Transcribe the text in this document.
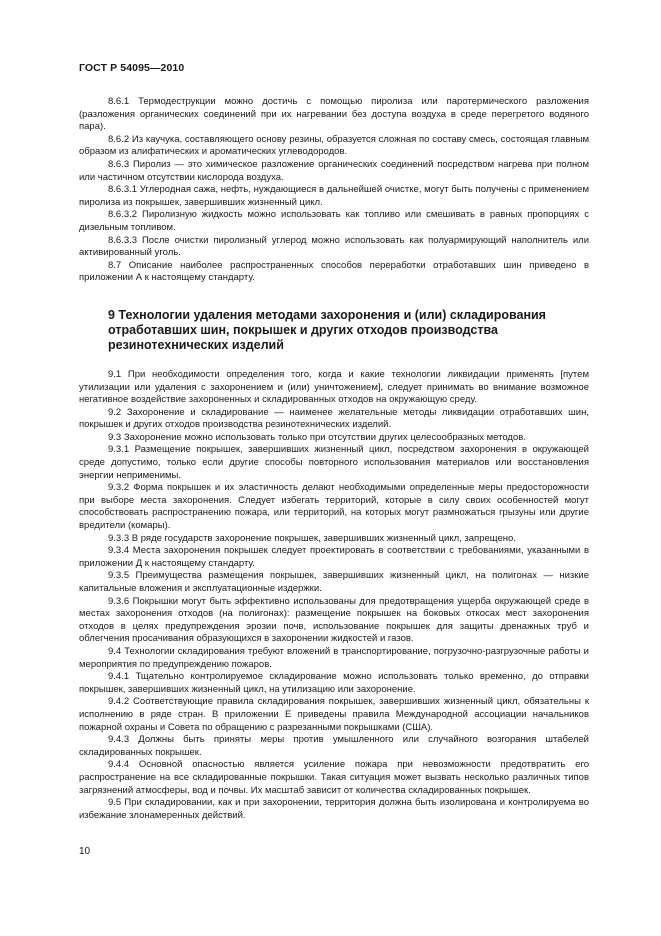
ГОСТ Р 54095—2010

8.6.1 Термодеструкции можно достичь с помощью пиролиза или паротермического разложения (разложения органических соединений при их нагревании без доступа воздуха в среде перегретого водяного пара).

8.6.2 Из каучука, составляющего основу резины, образуется сложная по составу смесь, состоящая главным образом из алифатических и ароматических углеводородов.

8.6.3 Пиролиз — это химическое разложение органических соединений посредством нагрева при полном или частичном отсутствии кислорода воздуха.

8.6.3.1 Углеродная сажа, нефть, нуждающиеся в дальнейшей очистке, могут быть получены с применением пиролиза из покрышек, завершивших жизненный цикл.

8.6.3.2 Пиролизную жидкость можно использовать как топливо или смешивать в равных пропорциях с дизельным топливом.

8.6.3.3 После очистки пиролизный углерод можно использовать как полуармирующий наполнитель или активированный уголь.

8.7 Описание наиболее распространенных способов переработки отработавших шин приведено в приложении А к настоящему стандарту.

9 Технологии удаления методами захоронения и (или) складирования отработавших шин, покрышек и других отходов производства резинотехнических изделий

9.1 При необходимости определения того, когда и какие технологии ликвидации применять [путем утилизации или удаления с захоронением и (или) уничтожением], следует принимать во внимание возможное негативное воздействие захороненных и складированных отходов на окружающую среду.

9.2 Захоронение и складирование — наименее желательные методы ликвидации отработавших шин, покрышек и других отходов производства резинотехнических изделий.

9.3 Захоронение можно использовать только при отсутствии других целесообразных методов.

9.3.1 Размещение покрышек, завершивших жизненный цикл, посредством захоронения в окружающей среде допустимо, только если другие способы повторного использования материалов или восстановления энергии неприменимы.

9.3.2 Форма покрышек и их эластичность делают необходимыми определенные меры предосторожности при выборе места захоронения. Следует избегать территорий, которые в силу своих особенностей могут способствовать распространению пожара, или территорий, на которых могут размножаться грызуны или другие вредители (комары).

9.3.3 В ряде государств захоронение покрышек, завершивших жизненный цикл, запрещено.

9.3.4 Места захоронения покрышек следует проектировать в соответствии с требованиями, указанными в приложении Д к настоящему стандарту.

9.3.5 Преимущества размещения покрышек, завершивших жизненный цикл, на полигонах — низкие капитальные вложения и эксплуатационные издержки.

9.3.6 Покрышки могут быть эффективно использованы для предотвращения ущерба окружающей среде в местах захоронения отходов (на полигонах): размещение покрышек на боковых откосах мест захоронения отходов в целях предупреждения эрозии почв, использование покрышек для защиты дренажных труб и облегчения просачивания образующихся в захоронении жидкостей и газов.

9.4 Технологии складирования требуют вложений в транспортирование, погрузочно-разгрузочные работы и мероприятия по предупреждению пожаров.

9.4.1 Тщательно контролируемое складирование можно использовать только временно, до отправки покрышек, завершивших жизненный цикл, на утилизацию или захоронение.

9.4.2 Соответствующие правила складирования покрышек, завершивших жизненный цикл, обязательны к исполнению в ряде стран. В приложении Е приведены правила Международной ассоциации начальников пожарной охраны и Совета по обращению с разрезанными покрышками (США).

9.4.3 Должны быть приняты меры против умышленного или случайного возгорания штабелей складированных покрышек.

9.4.4 Основной опасностью является усиление пожара при невозможности предотвратить его распространение на все складированные покрышки. Такая ситуация может вызвать несколько различных типов загрязнений атмосферы, вод и почвы. Их масштаб зависит от количества складированных покрышек.

9.5 При складировании, как и при захоронении, территория должна быть изолирована и контролируема во избежание злонамеренных действий.

10
